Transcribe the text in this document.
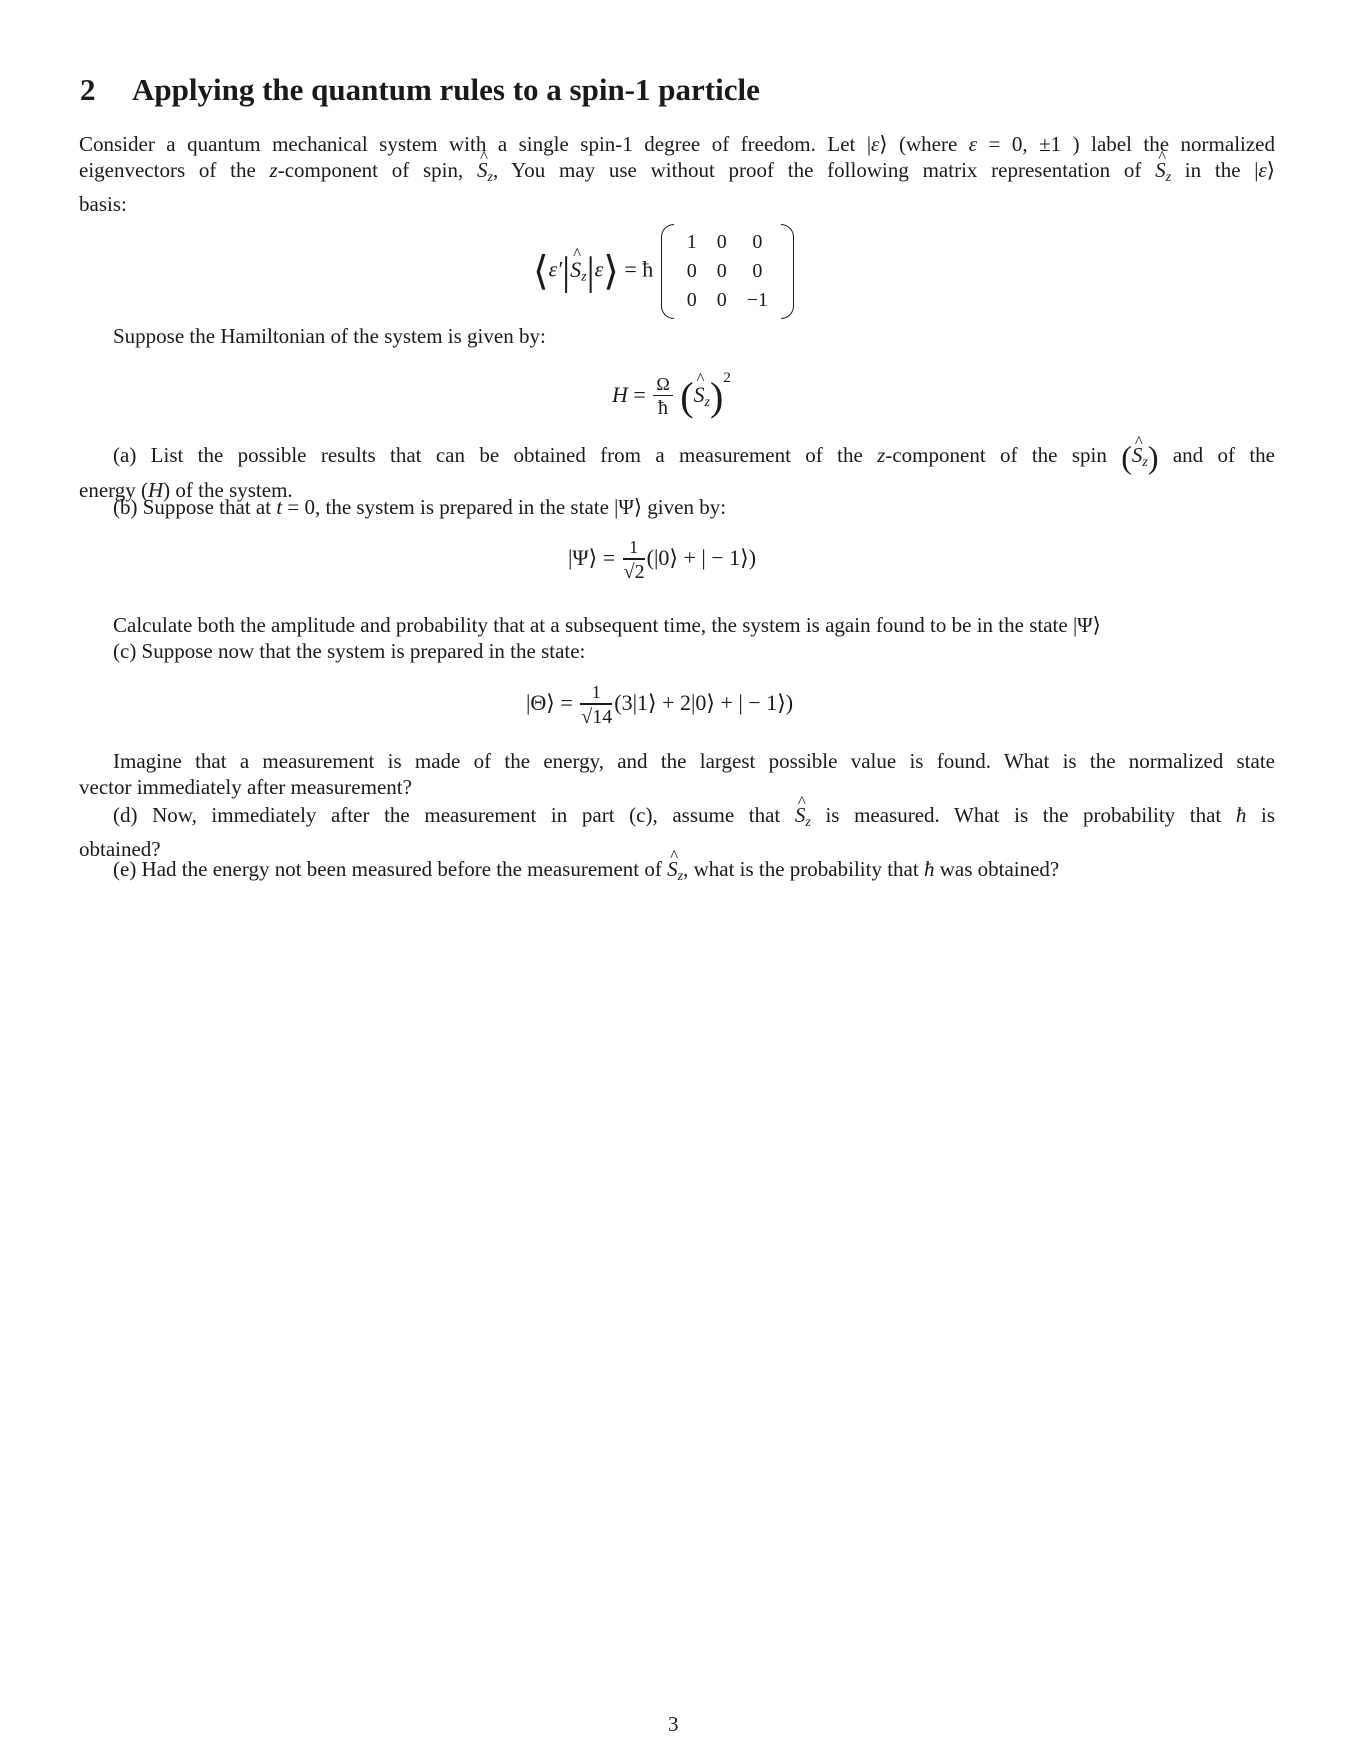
2 Applying the quantum rules to a spin-1 particle
Consider a quantum mechanical system with a single spin-1 degree of freedom. Let |ε⟩ (where ε = 0, ±1 ) label the normalized
eigenvectors of the z-component of spin, ^ $S_z$, You may use without proof the following matrix representation of ^ $S_z$ in the |ε⟩
basis:
⟨ε′|^ $S_z|\varepsilon⟩$ = ħ
1	0	0
0	0	0
0	0	−1
Suppose the Hamiltonian of the system is given by:
$H = \frac{\Omega}{ħ}$ (^ $S_z)^2$
(a) List the possible results that can be obtained from a measurement of the z-component of the spin (^ $S_z$) and of the
energy (H) of the system.
(b) Suppose that at t = 0, the system is prepared in the state |Ψ⟩ given by:
|Ψ⟩ = $\frac{1}{√2}$ (|0⟩ + | − 1⟩)
Calculate both the amplitude and probability that at a subsequent time, the system is again found to be in the state |Ψ⟩
(c) Suppose now that the system is prepared in the state:
|Θ⟩ = $\frac{1}{√14}$ (3|1⟩ + 2|0⟩ + | − 1⟩)
Imagine that a measurement is made of the energy, and the largest possible value is found. What is the normalized state
vector immediately after measurement?
(d) Now, immediately after the measurement in part (c), assume that ^ $S_z$ is measured. What is the probability that ħ is
obtained?
(e) Had the energy not been measured before the measurement of ^ $S_z$, what is the probability that ħ was obtained?
3
